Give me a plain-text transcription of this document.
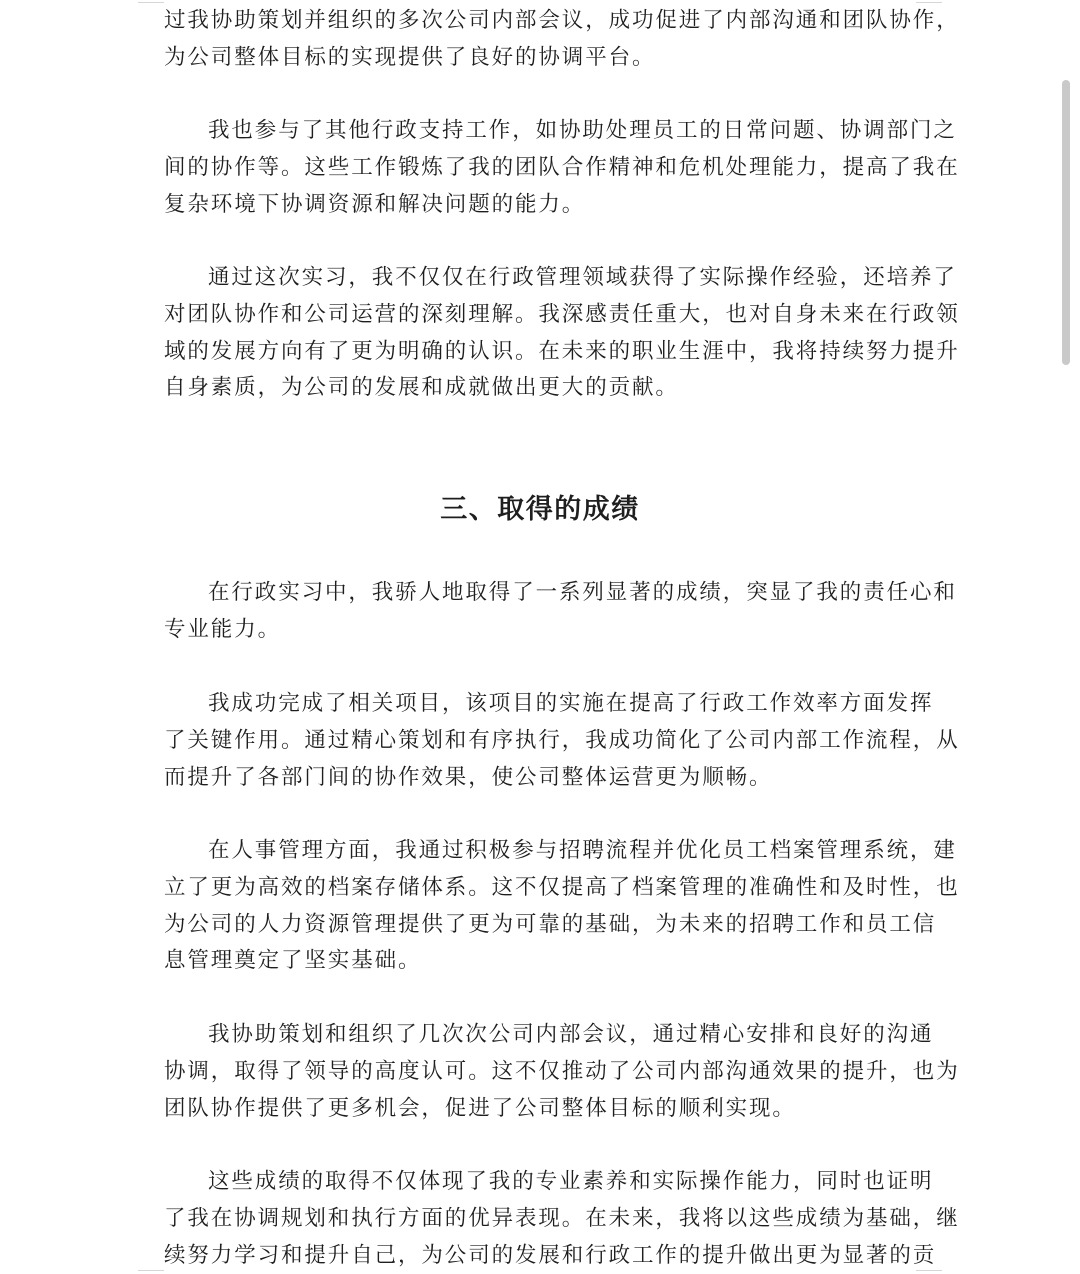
过我协助策划并组织的多次公司内部会议，成功促进了内部沟通和团队协作，
为公司整体目标的实现提供了良好的协调平台。
我也参与了其他行政支持工作，如协助处理员工的日常问题、协调部门之
间的协作等。这些工作锻炼了我的团队合作精神和危机处理能力，提高了我在
复杂环境下协调资源和解决问题的能力。
通过这次实习，我不仅仅在行政管理领域获得了实际操作经验，还培养了
对团队协作和公司运营的深刻理解。我深感责任重大，也对自身未来在行政领
域的发展方向有了更为明确的认识。在未来的职业生涯中，我将持续努力提升
自身素质，为公司的发展和成就做出更大的贡献。
三、取得的成绩
在行政实习中，我骄人地取得了一系列显著的成绩，突显了我的责任心和
专业能力。
我成功完成了相关项目，该项目的实施在提高了行政工作效率方面发挥
了关键作用。通过精心策划和有序执行，我成功简化了公司内部工作流程，从
而提升了各部门间的协作效果，使公司整体运营更为顺畅。
在人事管理方面，我通过积极参与招聘流程并优化员工档案管理系统，建
立了更为高效的档案存储体系。这不仅提高了档案管理的准确性和及时性，也
为公司的人力资源管理提供了更为可靠的基础，为未来的招聘工作和员工信
息管理奠定了坚实基础。
我协助策划和组织了几次次公司内部会议，通过精心安排和良好的沟通
协调，取得了领导的高度认可。这不仅推动了公司内部沟通效果的提升，也为
团队协作提供了更多机会，促进了公司整体目标的顺利实现。
这些成绩的取得不仅体现了我的专业素养和实际操作能力，同时也证明
了我在协调规划和执行方面的优异表现。在未来，我将以这些成绩为基础，继
续努力学习和提升自己，为公司的发展和行政工作的提升做出更为显著的贡
